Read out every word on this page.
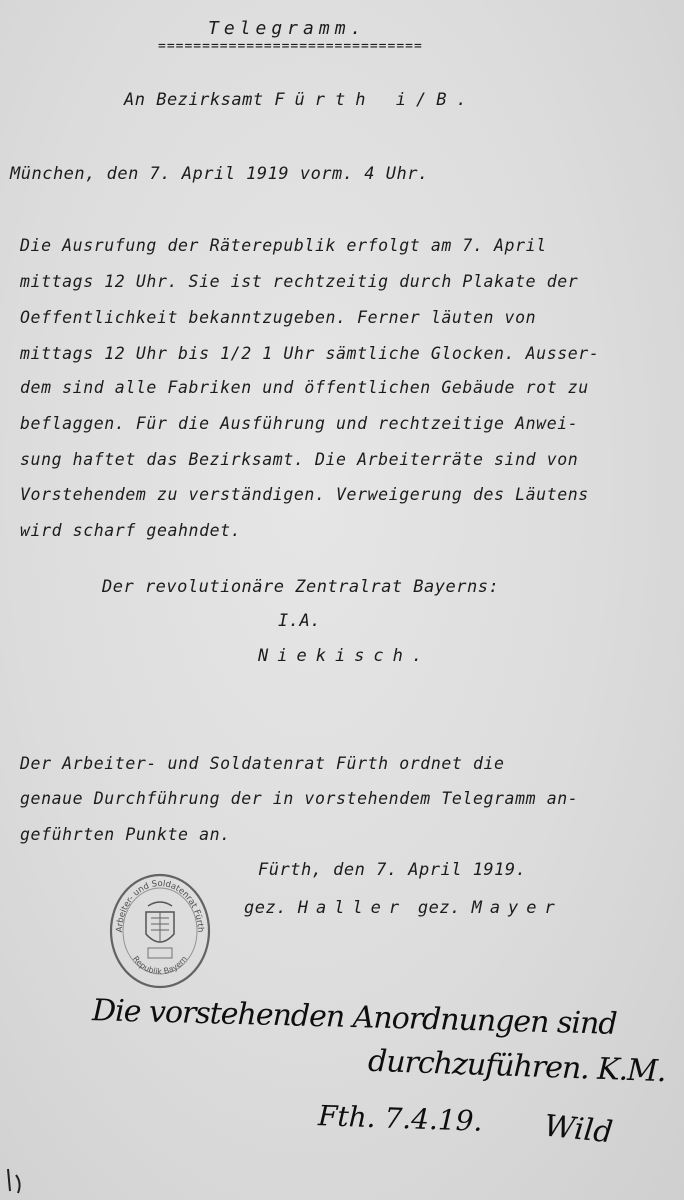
Telegramm.
==============================
An Bezirksamt Fürth i/B.
München, den 7. April 1919 vorm. 4 Uhr.
Die Ausrufung der Räterepublik erfolgt am 7. April
mittags 12 Uhr. Sie ist rechtzeitig durch Plakate der
Oeffentlichkeit bekanntzugeben. Ferner läuten von
mittags 12 Uhr bis 1/2 1 Uhr sämtliche Glocken. Ausser-
dem sind alle Fabriken und öffentlichen Gebäude rot zu
beflaggen. Für die Ausführung und rechtzeitige Anwei-
sung haftet das Bezirksamt. Die Arbeiterräte sind von
Vorstehendem zu verständigen. Verweigerung des Läutens
wird scharf geahndet.
Der revolutionäre Zentralrat Bayerns:
I.A.
Niekisch.
Der Arbeiter- und Soldatenrat Fürth ordnet die
genaue Durchführung der in vorstehendem Telegramm an-
geführten Punkte an.
Fürth, den 7. April 1919.
gez. Haller gez. Mayer
Arbeiter- und Soldatenrat Fürth
Republik Bayern
Die vorstehenden Anordnungen sind
durchzuführen. K.M.
Fth. 7.4.19. Wild
